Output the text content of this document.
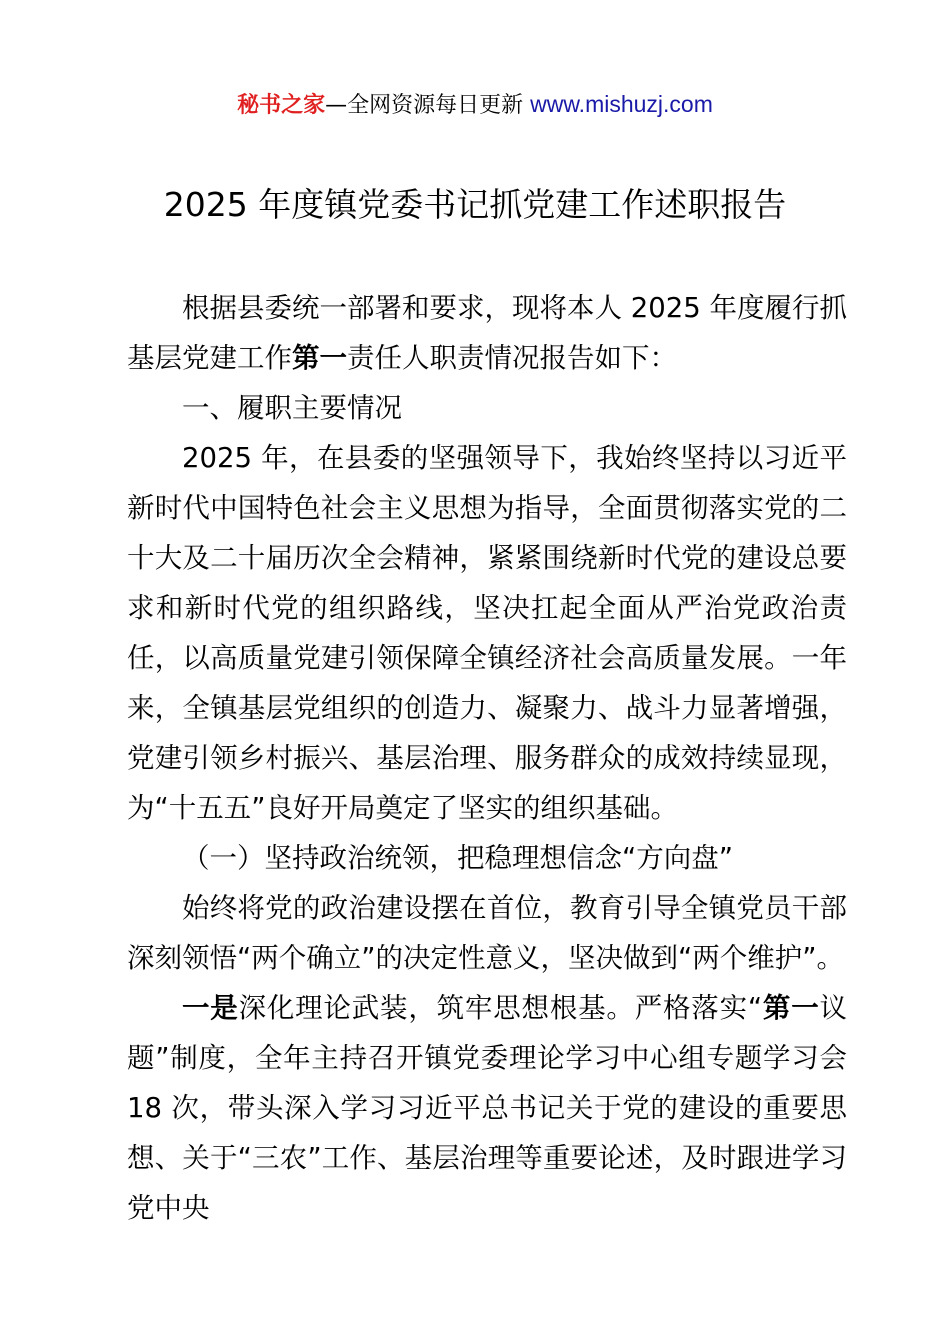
秘书之家—全网资源每日更新 www.mishuzj.com
2025 年度镇党委书记抓党建工作述职报告

根据县委统一部署和要求，现将本人 2025 年度履行抓基层党建工作第一责任人职责情况报告如下：

一、履职主要情况

2025 年，在县委的坚强领导下，我始终坚持以习近平新时代中国特色社会主义思想为指导，全面贯彻落实党的二十大及二十届历次全会精神，紧紧围绕新时代党的建设总要求和新时代党的组织路线，坚决扛起全面从严治党政治责任，以高质量党建引领保障全镇经济社会高质量发展。一年来，全镇基层党组织的创造力、凝聚力、战斗力显著增强，党建引领乡村振兴、基层治理、服务群众的成效持续显现，为“十五五”良好开局奠定了坚实的组织基础。

（一）坚持政治统领，把稳理想信念“方向盘”

始终将党的政治建设摆在首位，教育引导全镇党员干部深刻领悟“两个确立”的决定性意义，坚决做到“两个维护”。

一是深化理论武装，筑牢思想根基。严格落实“第一议题”制度，全年主持召开镇党委理论学习中心组专题学习会 18 次，带头深入学习习近平总书记关于党的建设的重要思想、关于“三农”工作、基层治理等重要论述，及时跟进学习党中央
